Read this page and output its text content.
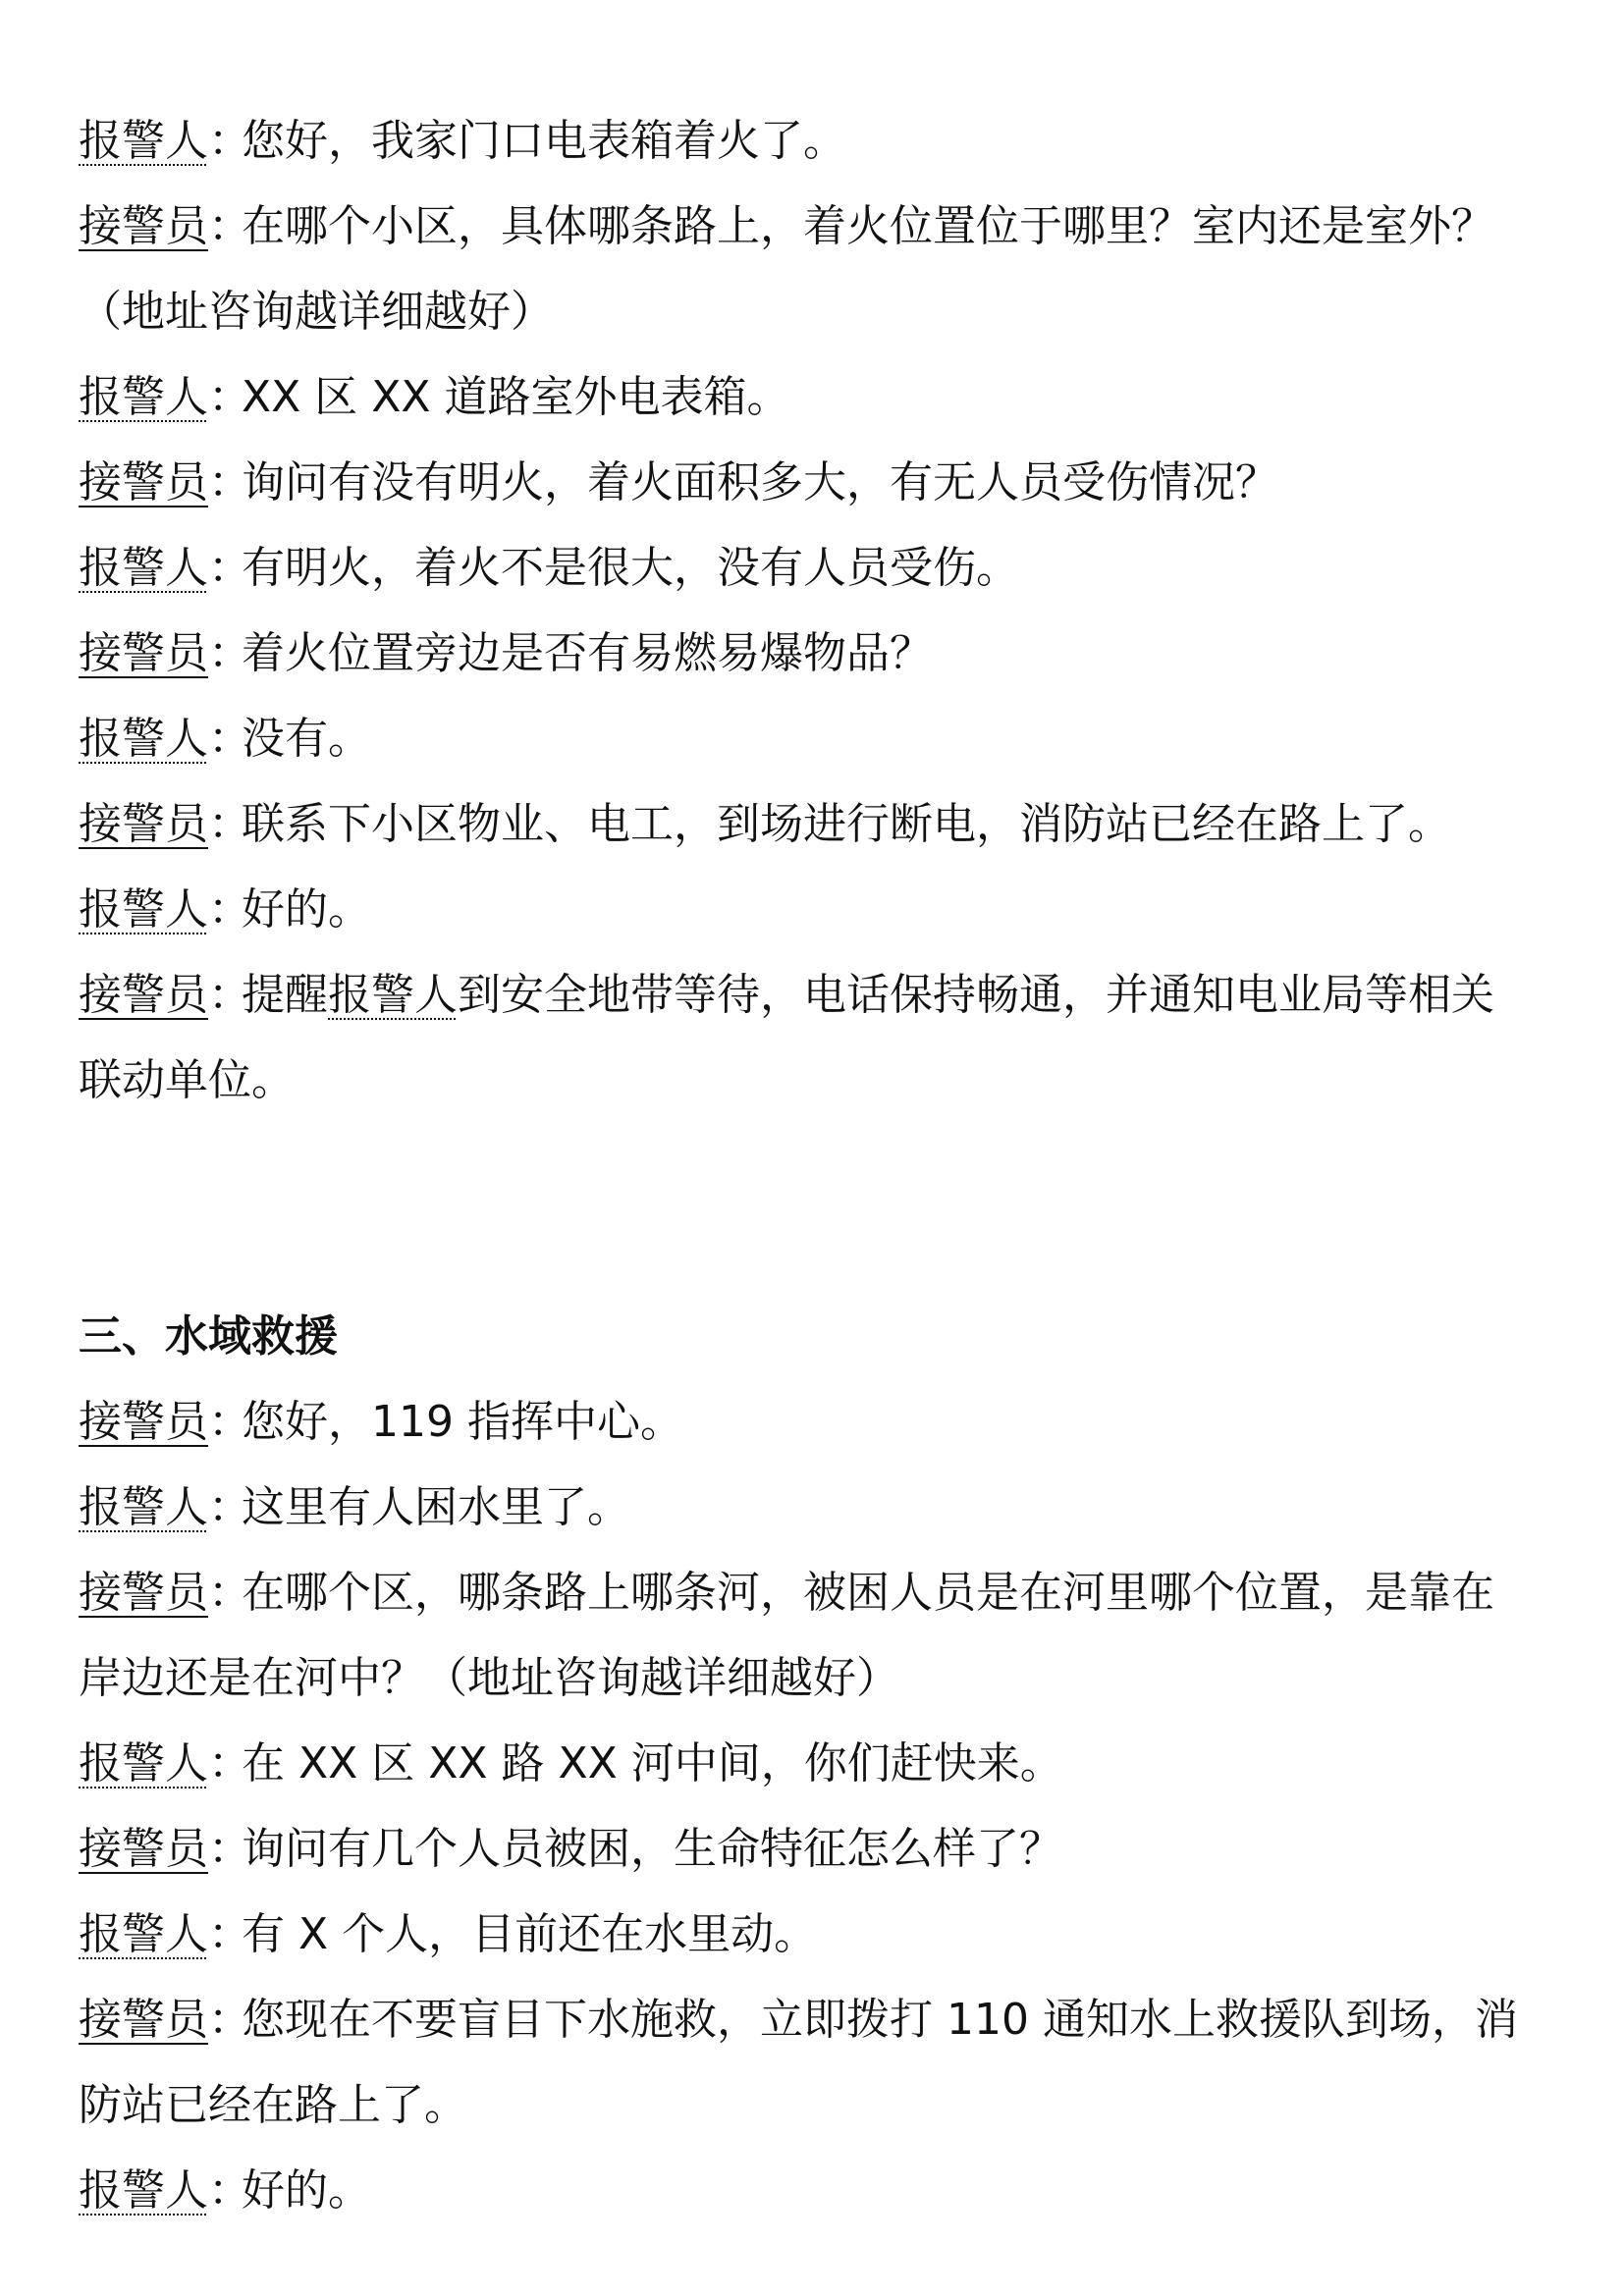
报警人：您好，我家门口电表箱着火了。
接警员：在哪个小区，具体哪条路上，着火位置位于哪里？室内还是室外？
（地址咨询越详细越好）
报警人：XX 区 XX 道路室外电表箱。
接警员：询问有没有明火，着火面积多大，有无人员受伤情况？
报警人：有明火，着火不是很大，没有人员受伤。
接警员：着火位置旁边是否有易燃易爆物品？
报警人：没有。
接警员：联系下小区物业、电工，到场进行断电，消防站已经在路上了。
报警人：好的。
接警员：提醒报警人到安全地带等待，电话保持畅通，并通知电业局等相关
联动单位。
三、水域救援
接警员：您好，119 指挥中心。
报警人：这里有人困水里了。
接警员：在哪个区，哪条路上哪条河，被困人员是在河里哪个位置，是靠在
岸边还是在河中？（地址咨询越详细越好）
报警人：在 XX 区 XX 路 XX 河中间，你们赶快来。
接警员：询问有几个人员被困，生命特征怎么样了？
报警人：有 X 个人，目前还在水里动。
接警员：您现在不要盲目下水施救，立即拨打 110 通知水上救援队到场，消
防站已经在路上了。
报警人：好的。
